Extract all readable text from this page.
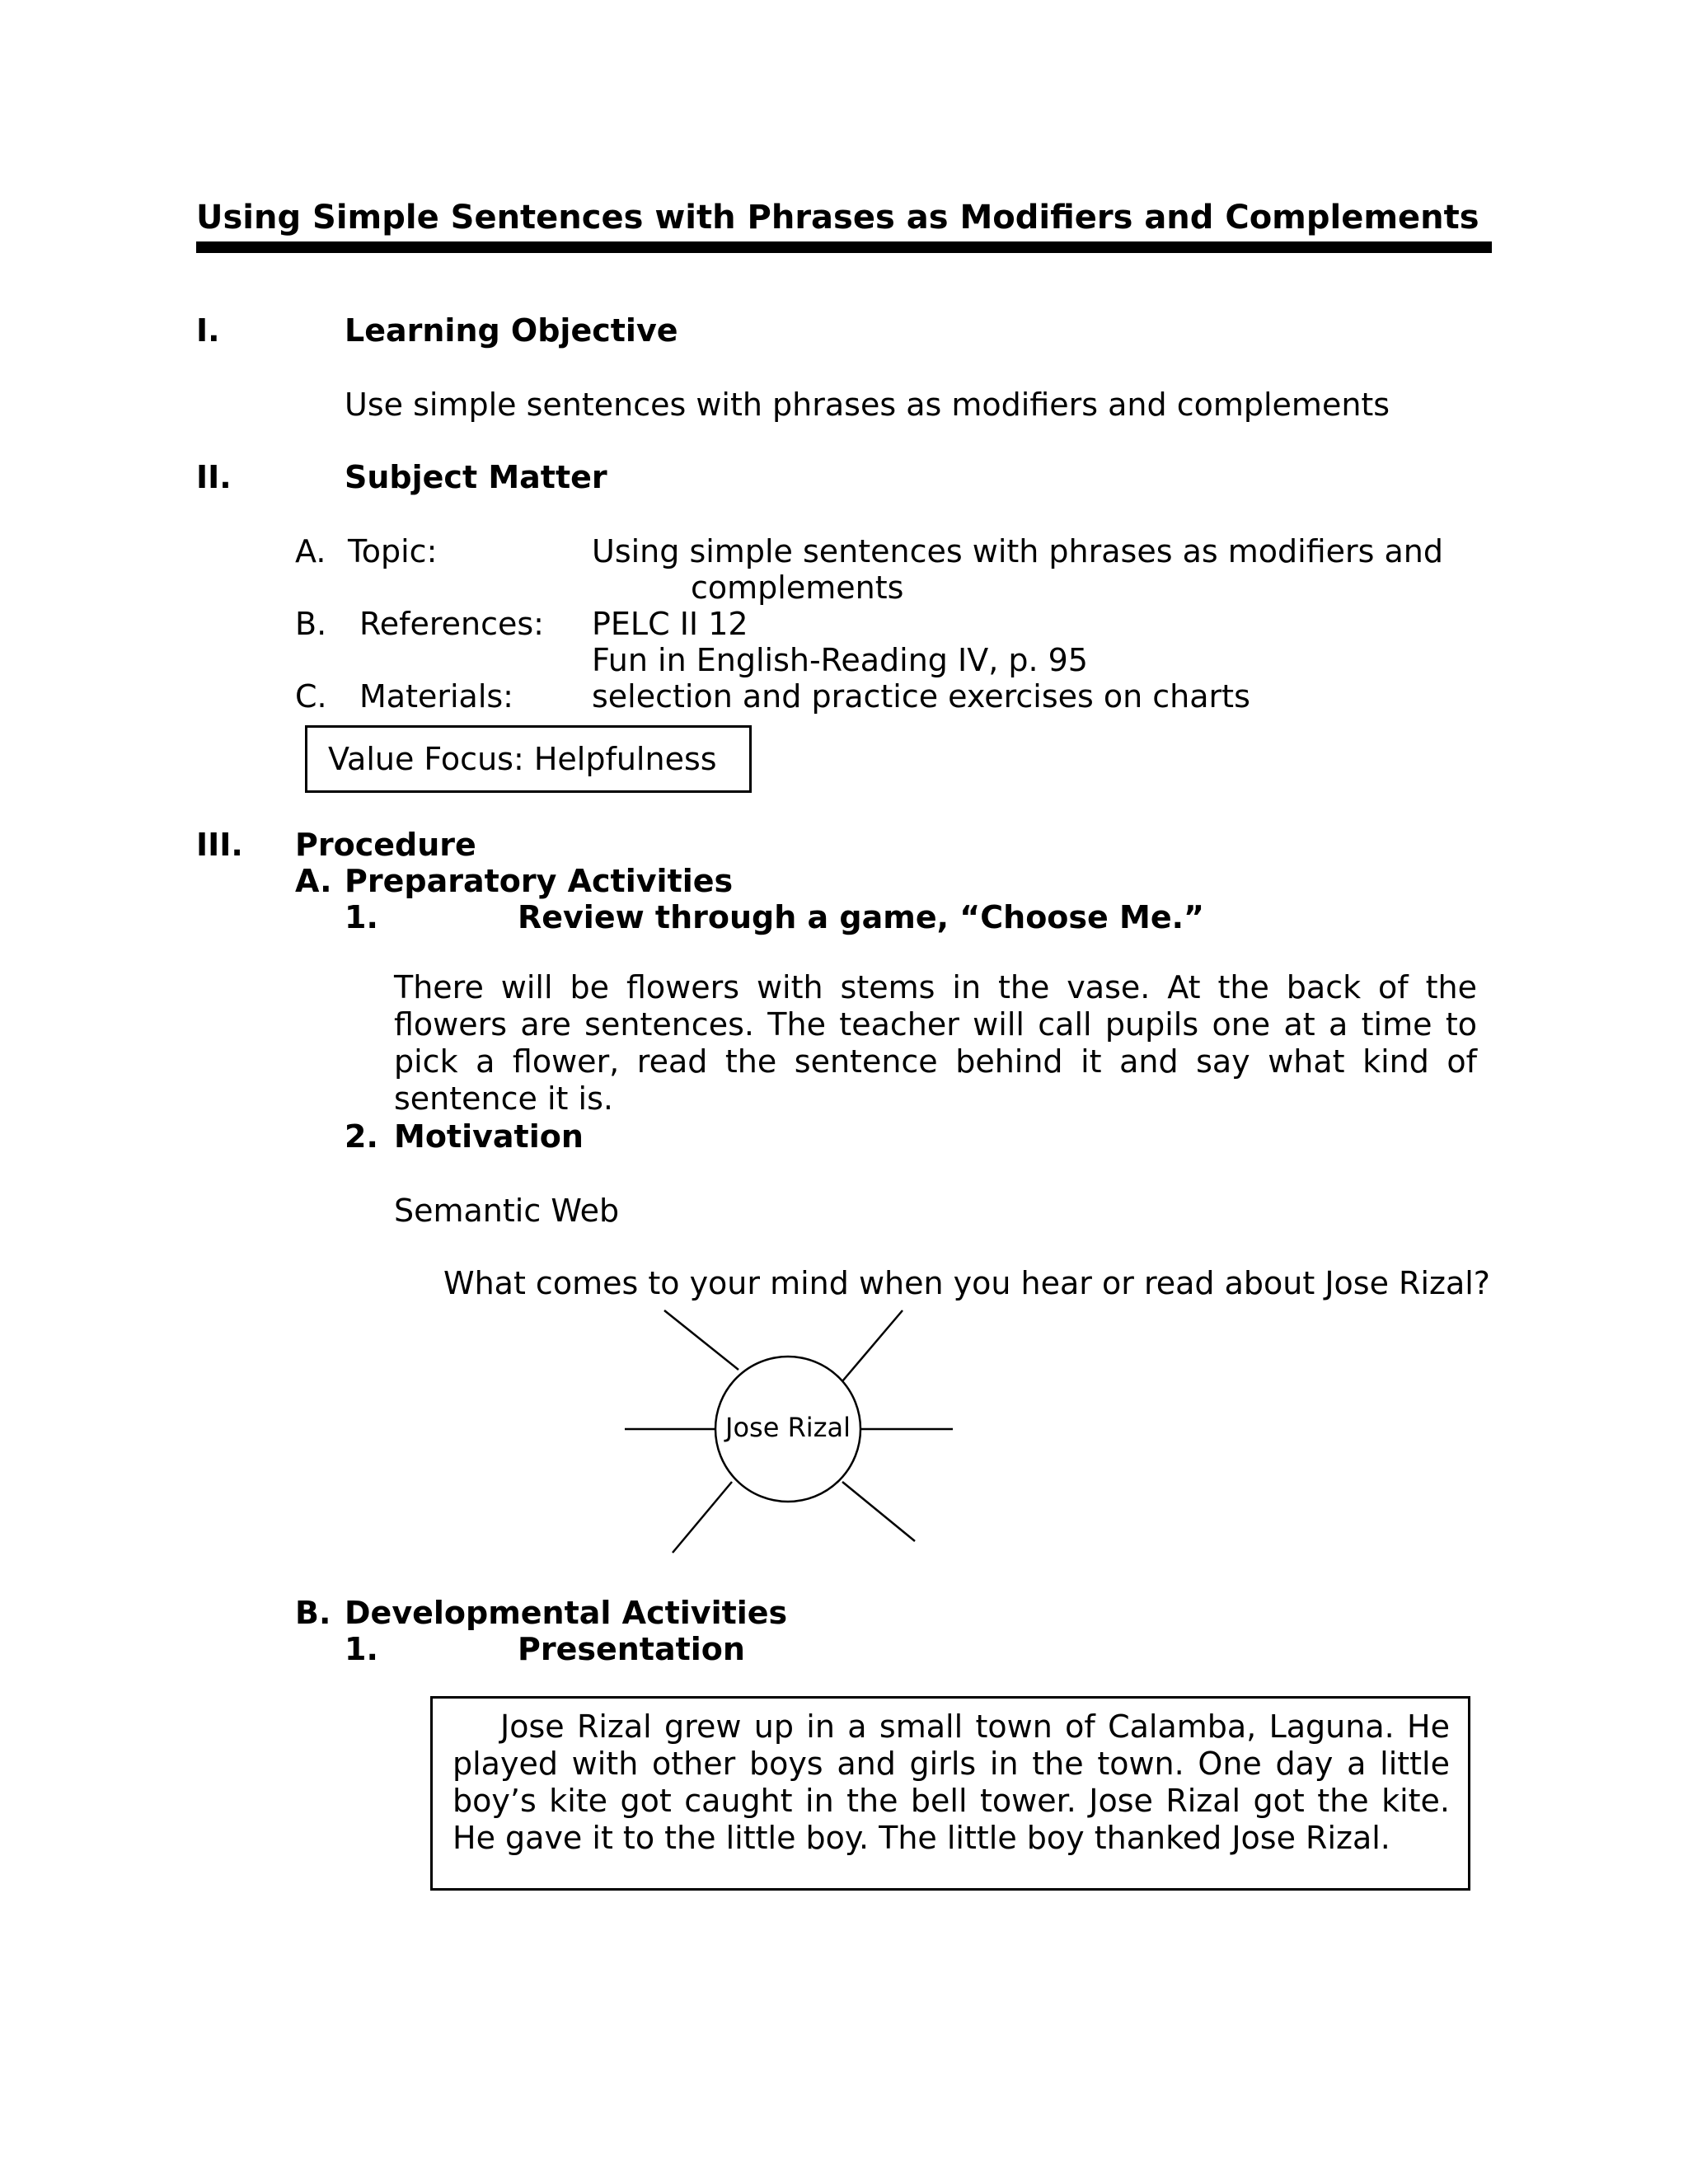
Using Simple Sentences with Phrases as Modifiers and Complements
I.	Learning Objective
Use simple sentences with phrases as modifiers and complements
II.	Subject Matter
A. Topic:	Using simple sentences with phrases as modifiers and
complements
B. References: PELC II 12
Fun in English-Reading IV, p. 95
C. Materials:	selection and practice exercises on charts
Value Focus: Helpfulness
III. Procedure
A. Preparatory Activities
1.	Review through a game, “Choose Me.”
There will be flowers with stems in the vase. At the back of the flowers are sentences. The teacher will call pupils one at a time to pick a flower, read the sentence behind it and say what kind of sentence it is.
2. Motivation
Semantic Web
What comes to your mind when you hear or read about Jose Rizal?
Jose Rizal
B. Developmental Activities
1.	Presentation
Jose Rizal grew up in a small town of Calamba, Laguna. He played with other boys and girls in the town. One day a little boy’s kite got caught in the bell tower. Jose Rizal got the kite. He gave it to the little boy. The little boy thanked Jose Rizal.
